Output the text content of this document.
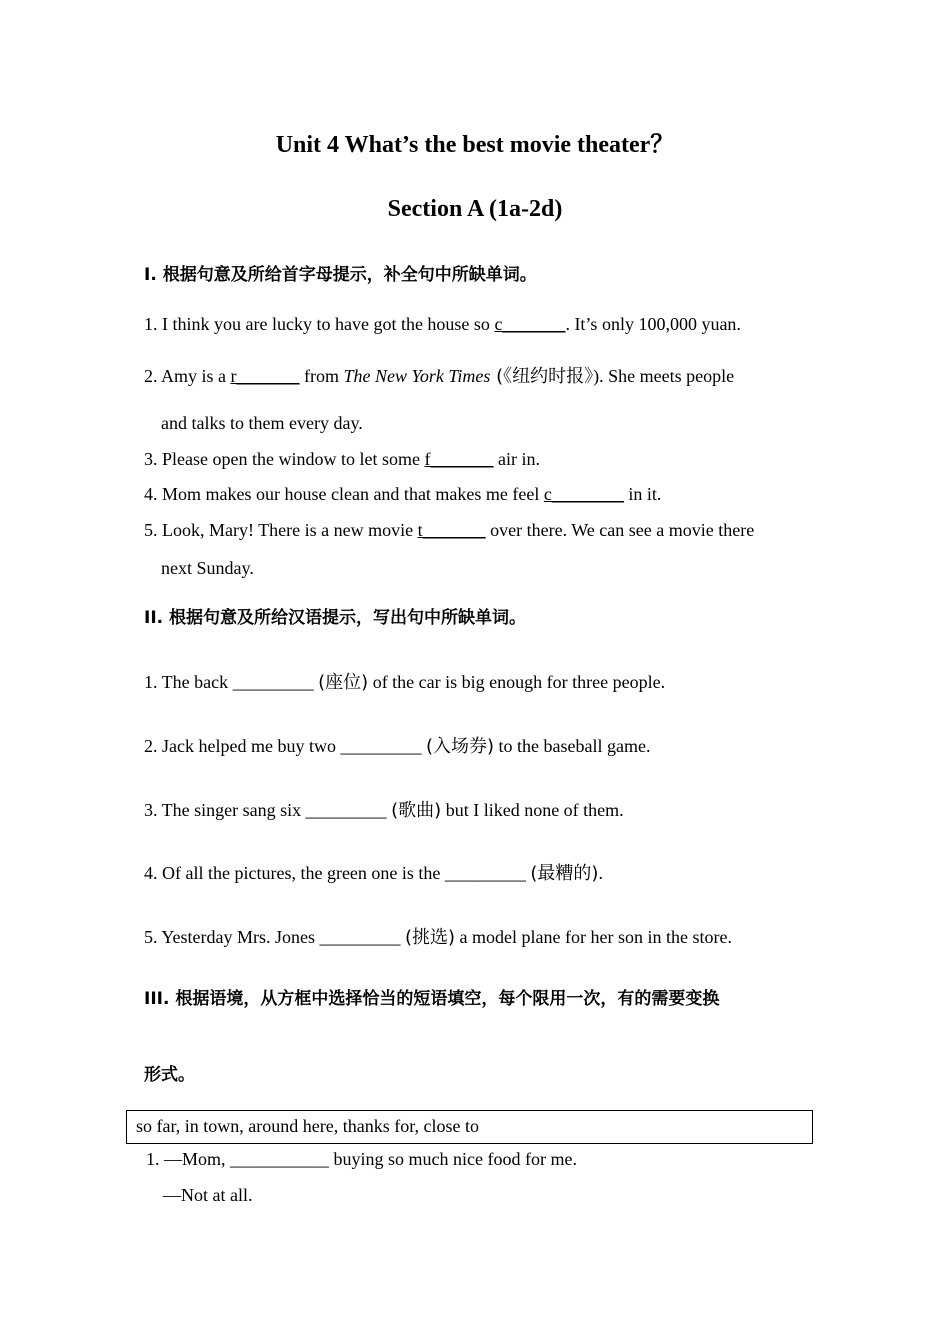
Unit 4 What’s the best movie theater？
Section A (1a-2d)
I. 根据句意及所给首字母提示，补全句中所缺单词。
1. I think you are lucky to have got the house so c_______. It’s only 100,000 yuan.
2. Amy is a r_______ from The New York Times (《纽约时报》). She meets people
and talks to them every day.
3. Please open the window to let some f_______ air in.
4. Mom makes our house clean and that makes me feel c________ in it.
5. Look, Mary! There is a new movie t_______ over there. We can see a movie there
next Sunday.
II. 根据句意及所给汉语提示，写出句中所缺单词。
1. The back _________ (座位) of the car is big enough for three people.
2. Jack helped me buy two _________ (入场券) to the baseball game.
3. The singer sang six _________ (歌曲) but I liked none of them.
4. Of all the pictures, the green one is the _________ (最糟的).
5. Yesterday Mrs. Jones _________ (挑选) a model plane for her son in the store.
III. 根据语境，从方框中选择恰当的短语填空，每个限用一次，有的需要变换
形式。
so far, in town, around here, thanks for, close to
1. —Mom, ___________ buying so much nice food for me.
—Not at all.
